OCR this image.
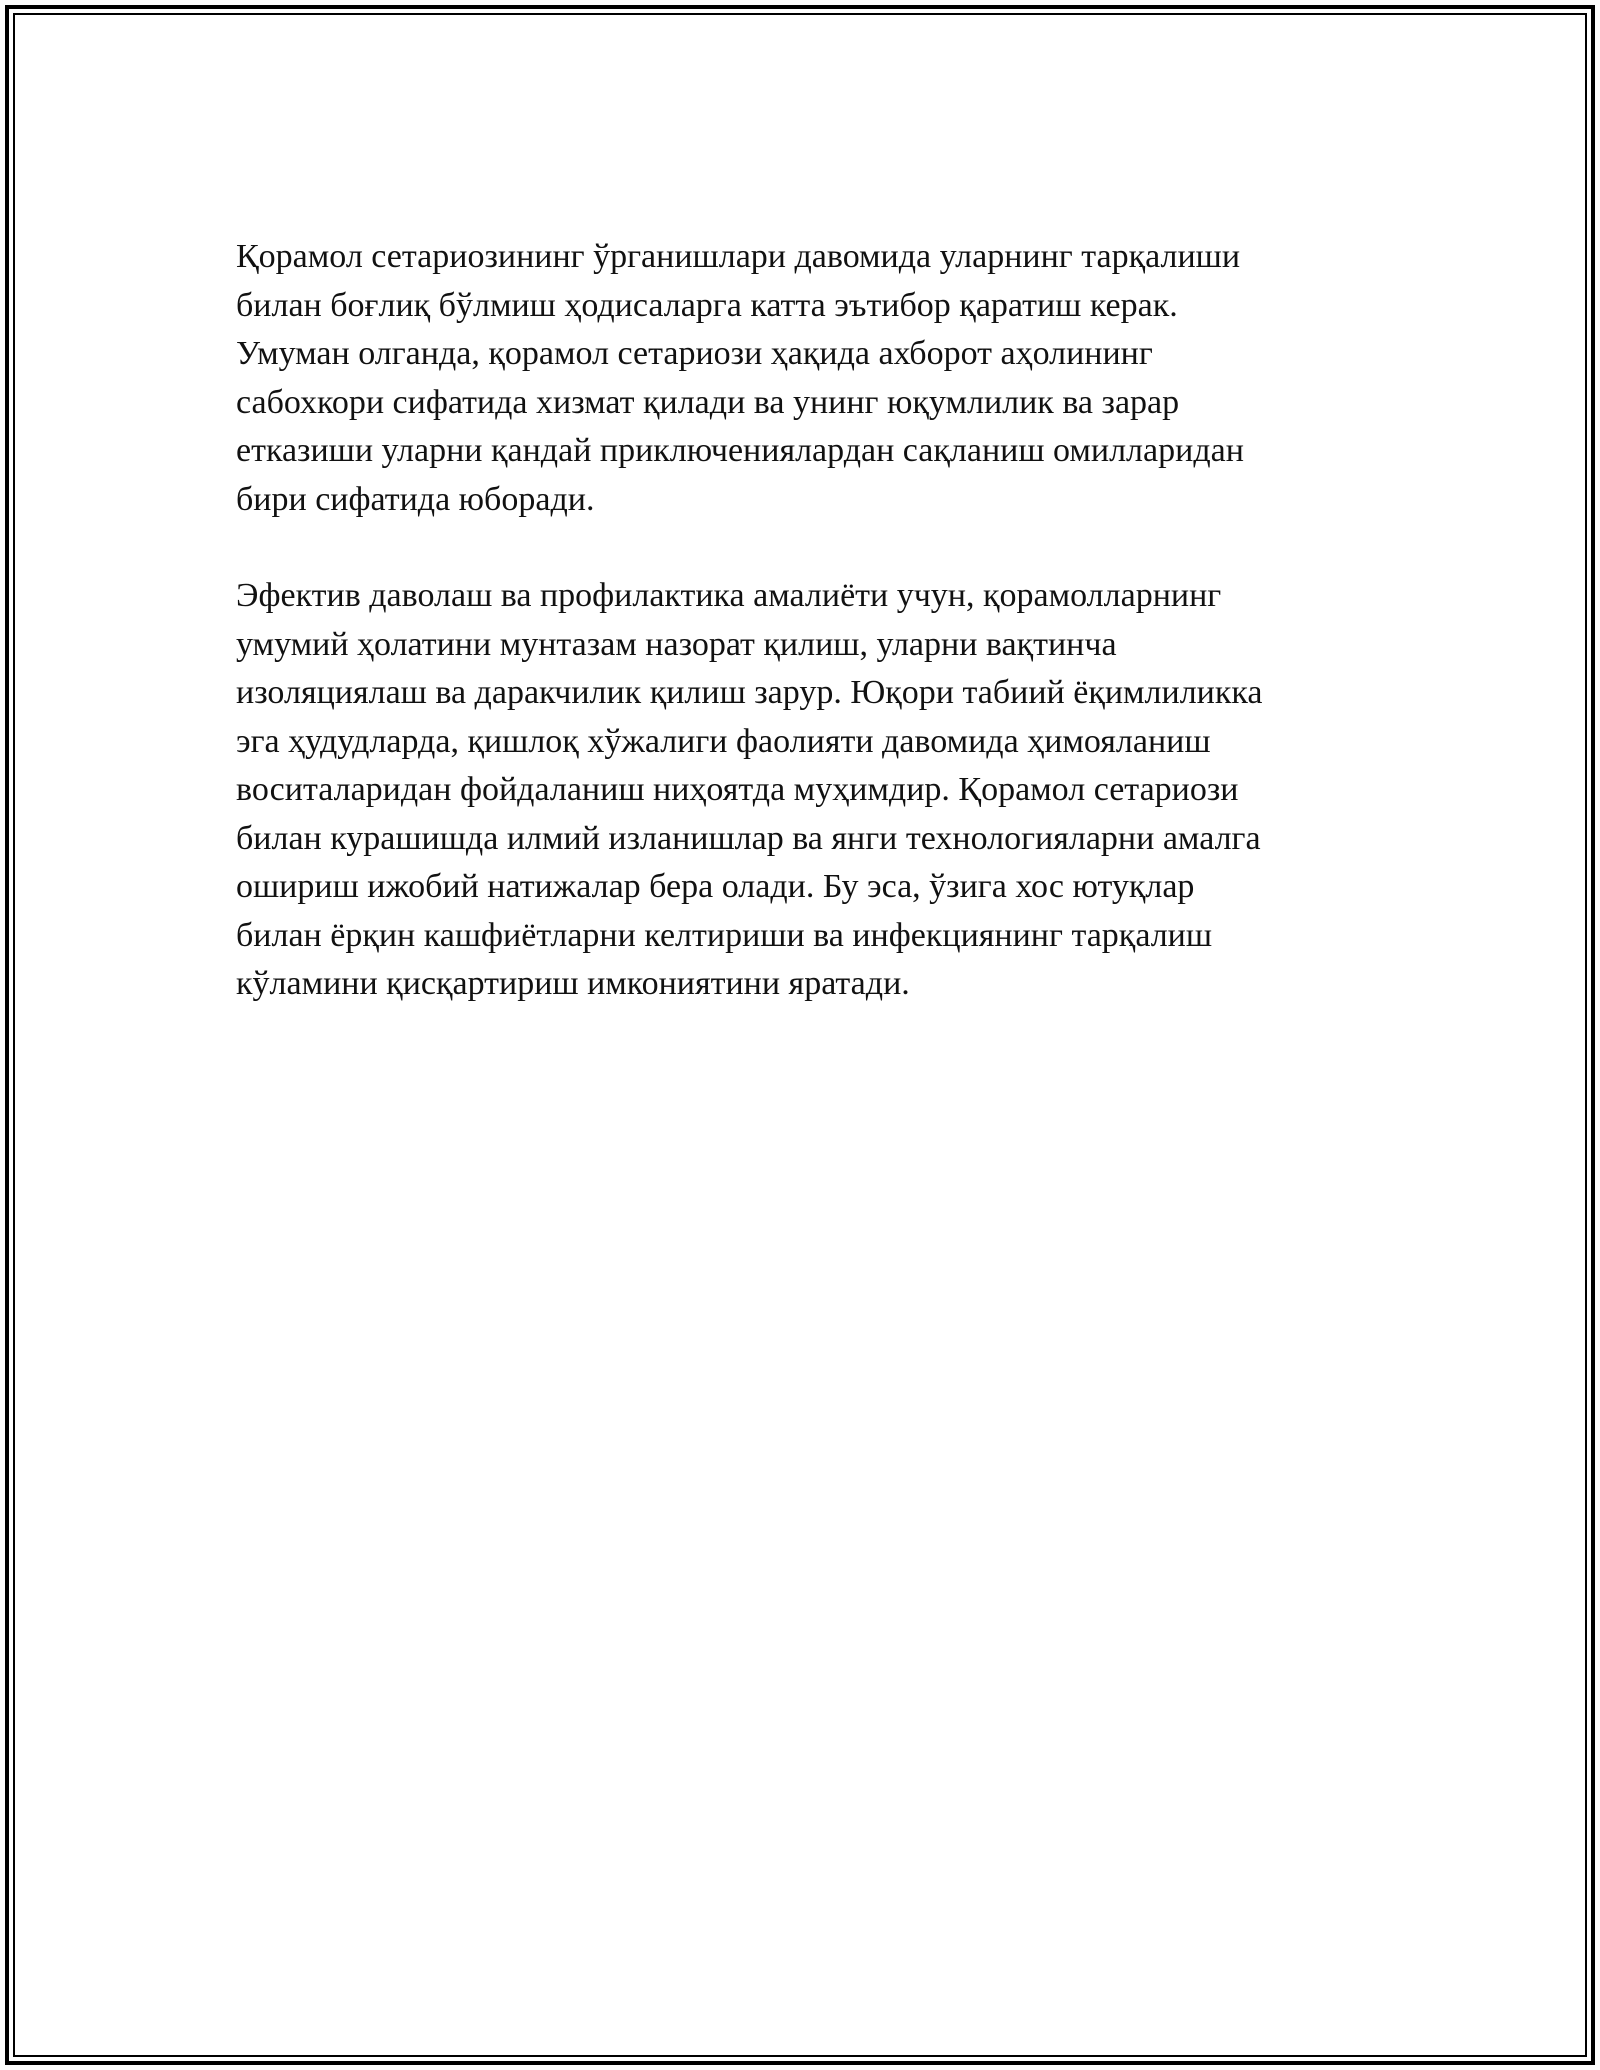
Қорамол сетариозининг ўрганишлари давомида уларнинг тарқалиши
билан боғлиқ бўлмиш ҳодисаларга катта эътибор қаратиш керак.
Умуман олганда, қорамол сетариози ҳақида ахборот аҳолининг
сабохкори сифатида хизмат қилади ва унинг юқумлилик ва зарар
етказиши уларни қандай приключениялардан сақланиш омилларидан
бири сифатида юборади.

Эфектив даволаш ва профилактика амалиёти учун, қорамолларнинг
умумий ҳолатини мунтазам назорат қилиш, уларни вақтинча
изоляциялаш ва даракчилик қилиш зарур. Юқори табиий ёқимлиликка
эга ҳудудларда, қишлоқ хўжалиги фаолияти давомида ҳимояланиш
воситаларидан фойдаланиш ниҳоятда муҳимдир. Қорамол сетариози
билан курашишда илмий изланишлар ва янги технологияларни амалга
ошириш ижобий натижалар бера олади. Бу эса, ўзига хос ютуқлар
билан ёрқин кашфиётларни келтириши ва инфекциянинг тарқалиш
кўламини қисқартириш имкониятини яратади.
